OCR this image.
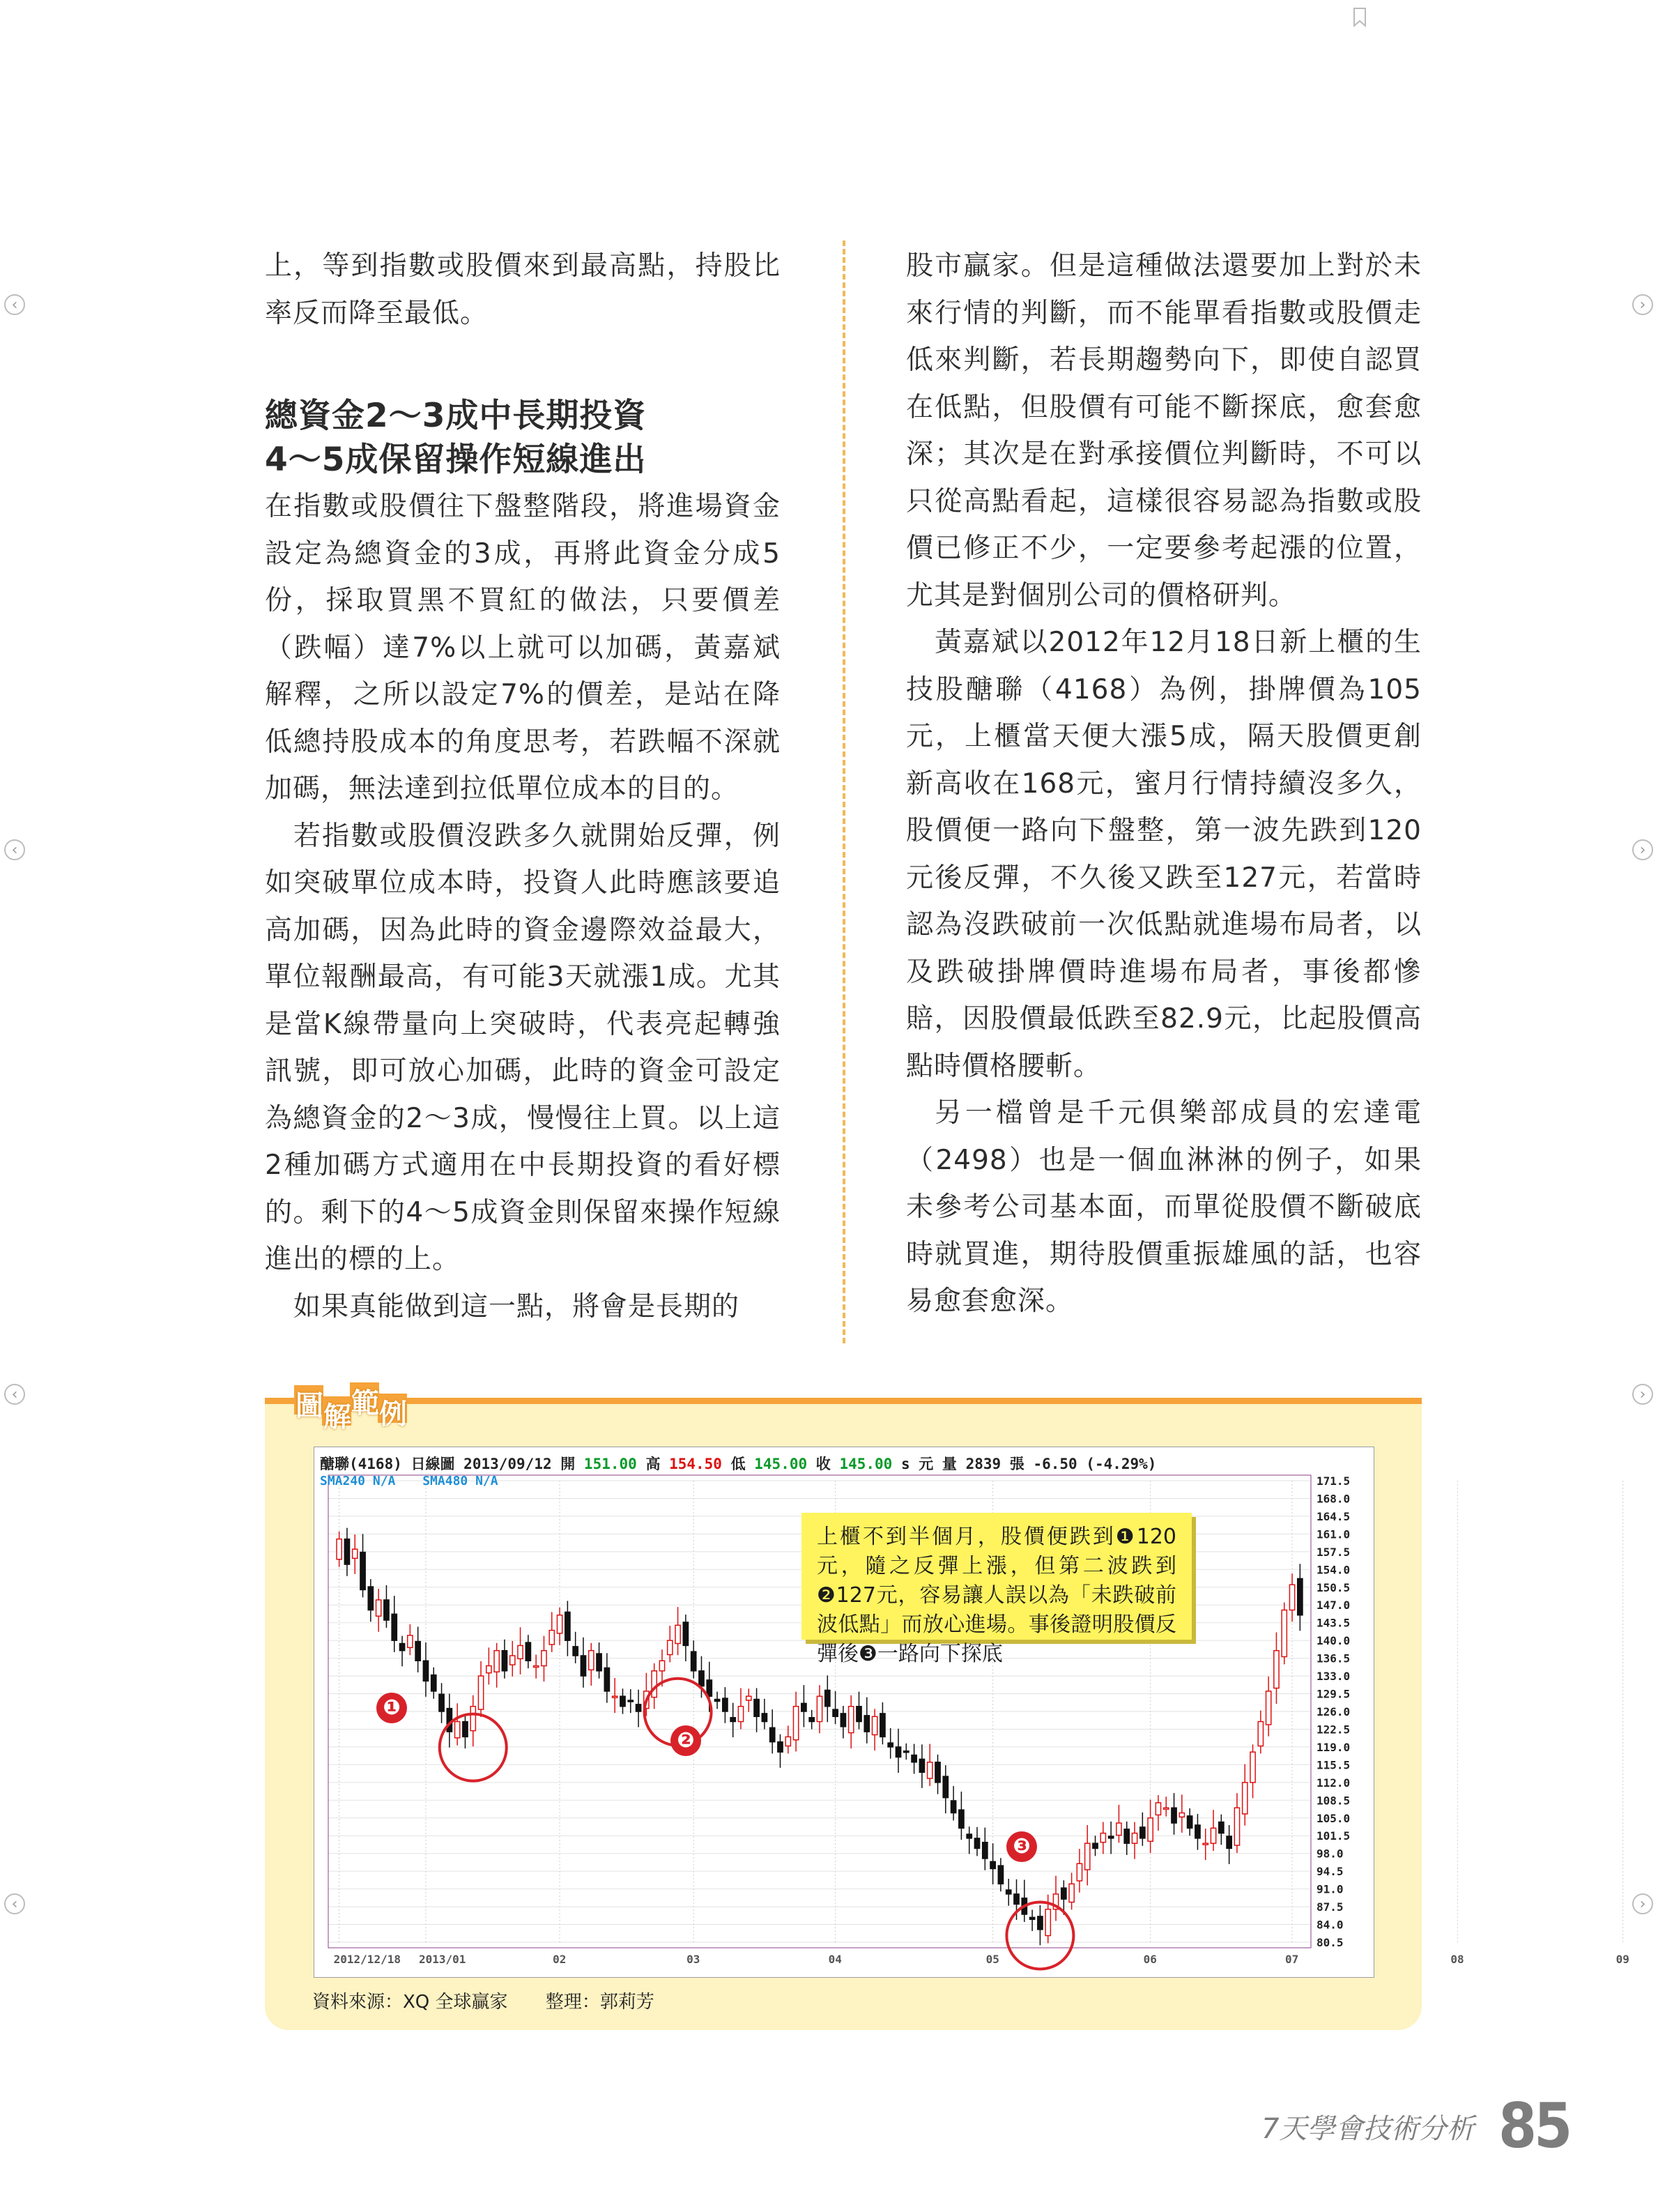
‹
‹
‹
‹
›
›
›
›

上，等到指數或股價來到最高點，持股比率反而降至最低。

總資金2～3成中長期投資
4～5成保留操作短線進出

在指數或股價往下盤整階段，將進場資金設定為總資金的3成，再將此資金分成5份，採取買黑不買紅的做法，只要價差（跌幅）達7%以上就可以加碼，黃嘉斌解釋，之所以設定7%的價差，是站在降低總持股成本的角度思考，若跌幅不深就加碼，無法達到拉低單位成本的目的。

若指數或股價沒跌多久就開始反彈，例如突破單位成本時，投資人此時應該要追高加碼，因為此時的資金邊際效益最大，單位報酬最高，有可能3天就漲1成。尤其是當K線帶量向上突破時，代表亮起轉強訊號，即可放心加碼，此時的資金可設定為總資金的2～3成，慢慢往上買。以上這2種加碼方式適用在中長期投資的看好標的。剩下的4～5成資金則保留來操作短線進出的標的上。

如果真能做到這一點，將會是長期的

股市贏家。但是這種做法還要加上對於未來行情的判斷，而不能單看指數或股價走低來判斷，若長期趨勢向下，即使自認買在低點，但股價有可能不斷探底，愈套愈深；其次是在對承接價位判斷時，不可以只從高點看起，這樣很容易認為指數或股價已修正不少，一定要參考起漲的位置，尤其是對個別公司的價格研判。

黃嘉斌以2012年12月18日新上櫃的生技股醣聯（4168）為例，掛牌價為105元，上櫃當天便大漲5成，隔天股價更創新高收在168元，蜜月行情持續沒多久，股價便一路向下盤整，第一波先跌到120元後反彈，不久後又跌至127元，若當時認為沒跌破前一次低點就進場布局者，以及跌破掛牌價時進場布局者，事後都慘賠，因股價最低跌至82.9元，比起股價高點時價格腰斬。

另一檔曾是千元俱樂部成員的宏達電（2498）也是一個血淋淋的例子，如果未參考公司基本面，而單從股價不斷破底時就買進，期待股價重振雄風的話，也容易愈套愈深。

圖 解 範 例
171.5
168.0
164.5
161.0
157.5
154.0
150.5
147.0
143.5
140.0
136.5
133.0
129.5
126.0
122.5
119.0
115.5
112.0
108.5
105.0
101.5
98.0
94.5
91.0
87.5
84.0
80.5
2012/12/18 2013/01	02	03	04	05	06	07	08	09
醣聯(4168) 日線圖 2013/09/12 開 151.00 高 154.50 低 145.00 收 145.00 s 元 量 2839 張 -6.50 (-4.29%)
SMA240 N/A SMA480 N/A
資料來源：XQ 全球贏家 整理：郭莉芳
上櫃不到半個月，股價便跌到❶120元，隨之反彈上漲，但第二波跌到❷127元，容易讓人誤以為「未跌破前波低點」而放心進場。事後證明股價反彈後❸一路向下探底
❶
❷
❸
7天學會技術分析 85
